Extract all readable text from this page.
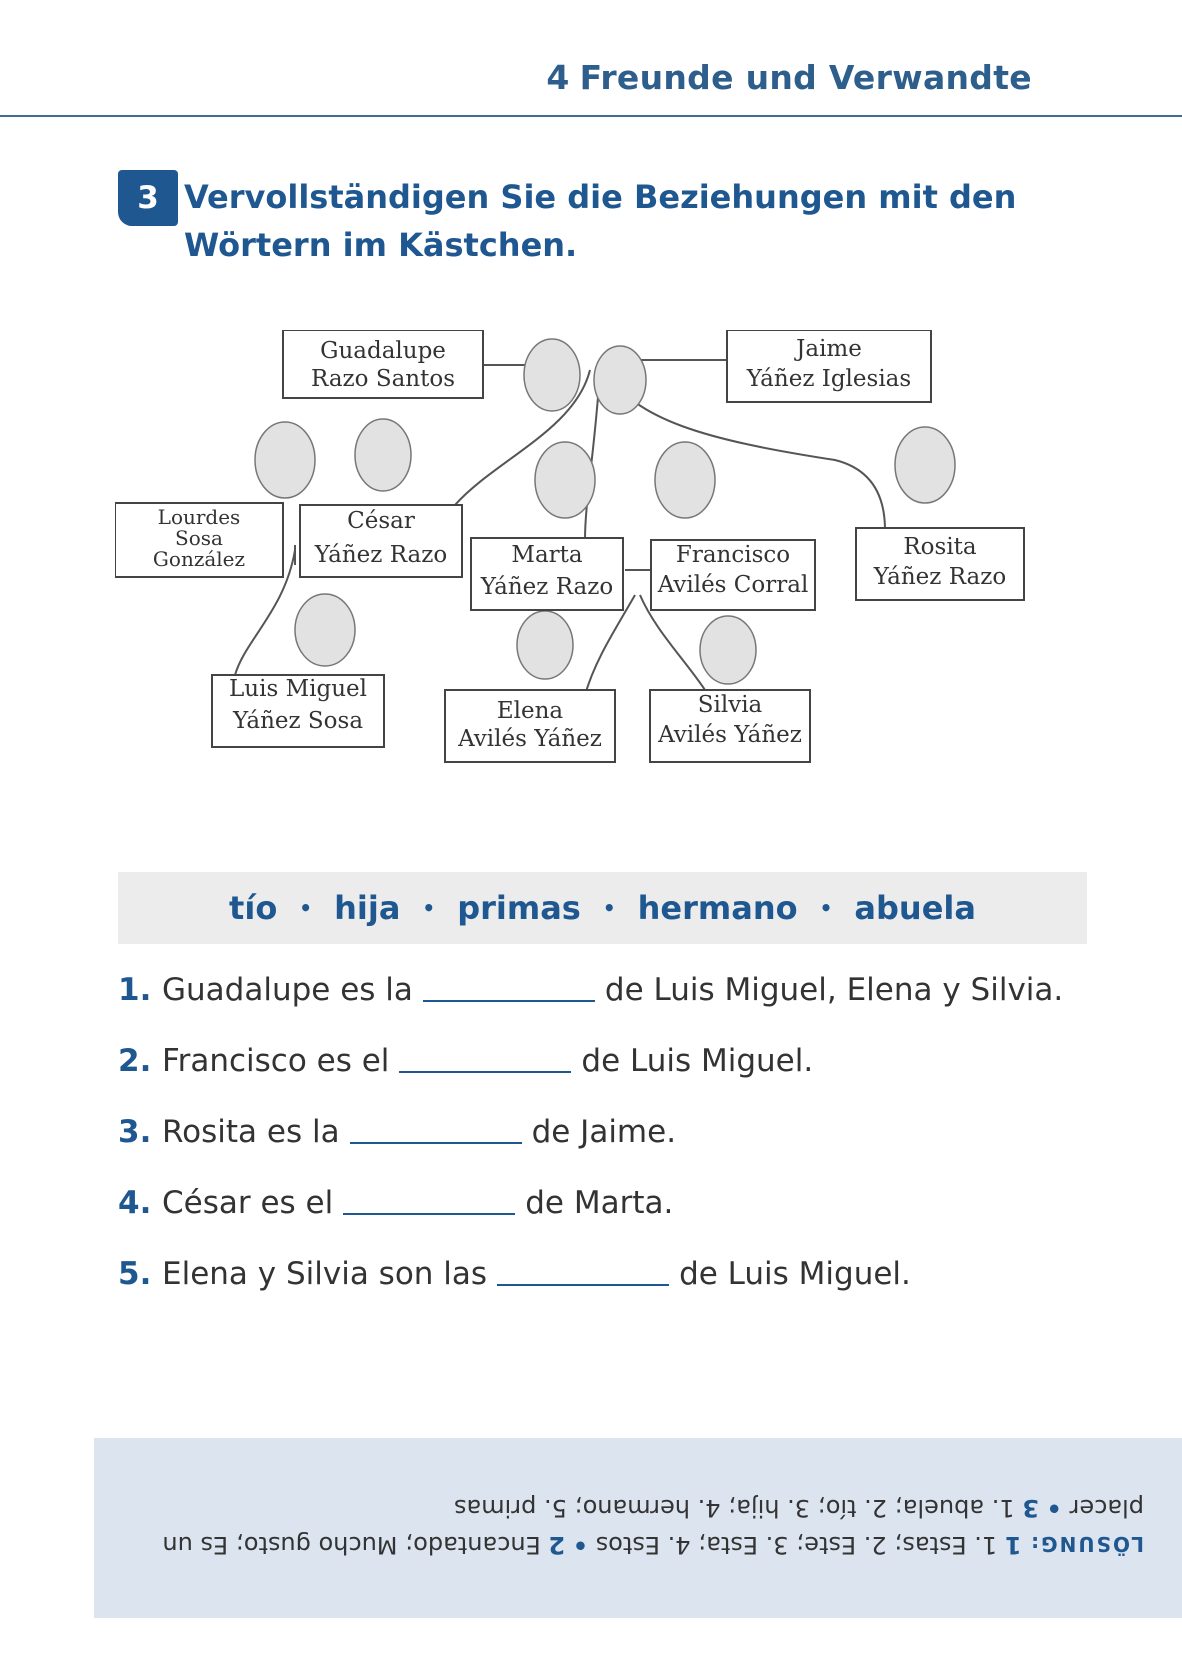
4 Freunde und Verwandte
3 Vervollständigen Sie die Beziehungen mit den Wörtern im Kästchen.
Guadalupe
Razo Santos
Jaime
Yáñez Iglesias
Lourdes
Sosa
González
César
Yáñez Razo	Marta
Yáñez Razo
Francisco
Avilés Corral
Rosita
Yáñez Razo
Luis Miguel
Yáñez Sosa	Elena
Avilés Yáñez
Silvia
Avilés Yáñez
tío • hija • primas • hermano • abuela
1. Guadalupe es la	de Luis Miguel, Elena y Silvia.
2. Francisco es el	de Luis Miguel.
3. Rosita es la	de Jaime.
4. César es el	de Marta.
5. Elena y Silvia son las	de Luis Miguel.
LÖSUNG: 1 1. Estas; 2. Este; 3. Esta; 4. Estos • 2 Encantado; Mucho gusto; Es un placer • 3 1. abuela; 2. tío; 3. hija; 4. hermano; 5. primas
